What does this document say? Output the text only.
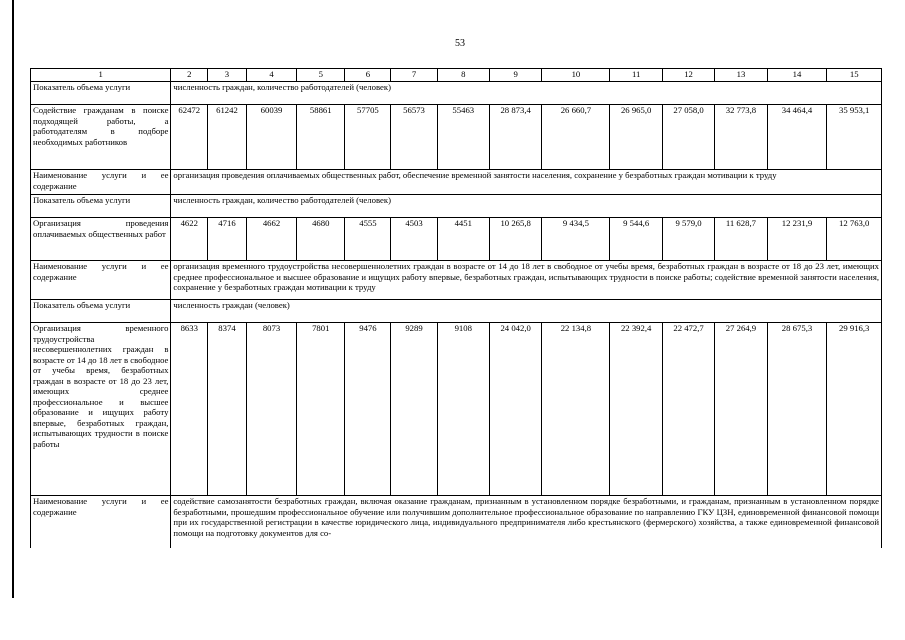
53
1	2	3	4	5	6	7	8	9	10	11	12	13	14	15
Показатель объема услуги	численность граждан, количество работодателей (человек)													
Содействие гражданам в поиске подходящей работы, а работодателям в подборе необходимых работников	62472	61242	60039	58861	57705	56573	55463	28 873,4	26 660,7	26 965,0	27 058,0	32 773,8	34 464,4	35 953,1
Наименование услуги и ее содержание	организация проведения оплачиваемых общественных работ, обеспечение временной занятости населения, сохранение у безработных граждан мотивации к труду													
Показатель объема услуги	численность граждан, количество работодателей (человек)													
Организация проведения оплачиваемых общественных работ	4622	4716	4662	4680	4555	4503	4451	10 265,8	9 434,5	9 544,6	9 579,0	11 628,7	12 231,9	12 763,0
Наименование услуги и ее содержание	организация временного трудоустройства несовершеннолетних граждан в возрасте от 14 до 18 лет в свободное от учебы время, безработных граждан в возрасте от 18 до 23 лет, имеющих среднее профессиональное и высшее образование и ищущих работу впервые, безработных граждан, испытывающих трудности в поиске работы; содействие временной занятости населения, сохранение у безработных граждан мотивации к труду													
Показатель объема услуги	численность граждан (человек)													
Организация временного трудоустройства несовершеннолетних граждан в возрасте от 14 до 18 лет в свободное от учебы время, безработных граждан в возрасте от 18 до 23 лет, имеющих среднее профессиональное и высшее образование и ищущих работу впервые, безработных граждан, испытывающих трудности в поиске работы	8633	8374	8073	7801	9476	9289	9108	24 042,0	22 134,8	22 392,4	22 472,7	27 264,9	28 675,3	29 916,3
Наименование услуги и ее содержание	содействие самозанятости безработных граждан, включая оказание гражданам, признанным в установленном порядке безработными, и гражданам, признанным в установленном порядке безработными, прошедшим профессиональное обучение или получившим дополнительное профессиональное образование по направлению ГКУ ЦЗН, единовременной финансовой помощи при их государственной регистрации в качестве юридического лица, индивидуального предпринимателя либо крестьянского (фермерского) хозяйства, а также единовременной финансовой помощи на подготовку документов для со-													
